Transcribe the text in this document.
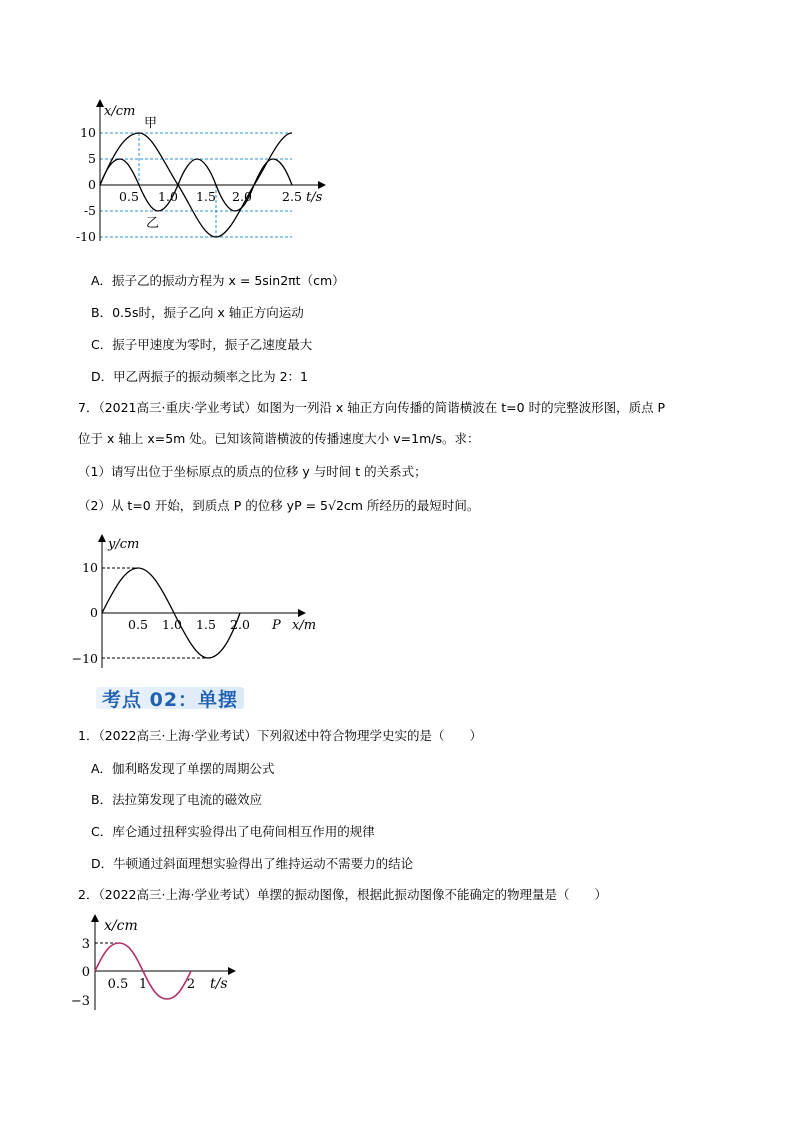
x/cm
t/s
甲
乙
10
5
0
-5
-10
0.5 1.0 1.5 2.0 2.5
A．振子乙的振动方程为 x = 5sin2πt（cm）
B．0.5s时，振子乙向 x 轴正方向运动
C．振子甲速度为零时，振子乙速度最大
D．甲乙两振子的振动频率之比为 2：1
7．（2021高三·重庆·学业考试）如图为一列沿 x 轴正方向传播的简谐横波在 t=0 时的完整波形图，质点 P
位于 x 轴上 x=5m 处。已知该简谐横波的传播速度大小 v=1m/s。求：
（1）请写出位于坐标原点的质点的位移 y 与时间 t 的关系式；
（2）从 t=0 开始，到质点 P 的位移 yP = 5√2cm 所经历的最短时间。
y/cm
x/m
P
10
0
−10
0.5 1.0 1.5 2.0
考点 02：单摆
1．（2022高三·上海·学业考试）下列叙述中符合物理学史实的是（　　）
A．伽利略发现了单摆的周期公式
B．法拉第发现了电流的磁效应
C．库仑通过扭秤实验得出了电荷间相互作用的规律
D．牛顿通过斜面理想实验得出了维持运动不需要力的结论
2．（2022高三·上海·学业考试）单摆的振动图像，根据此振动图像不能确定的物理量是（　　）
x/cm
t/s
3
0
−3
0.5 1	2
